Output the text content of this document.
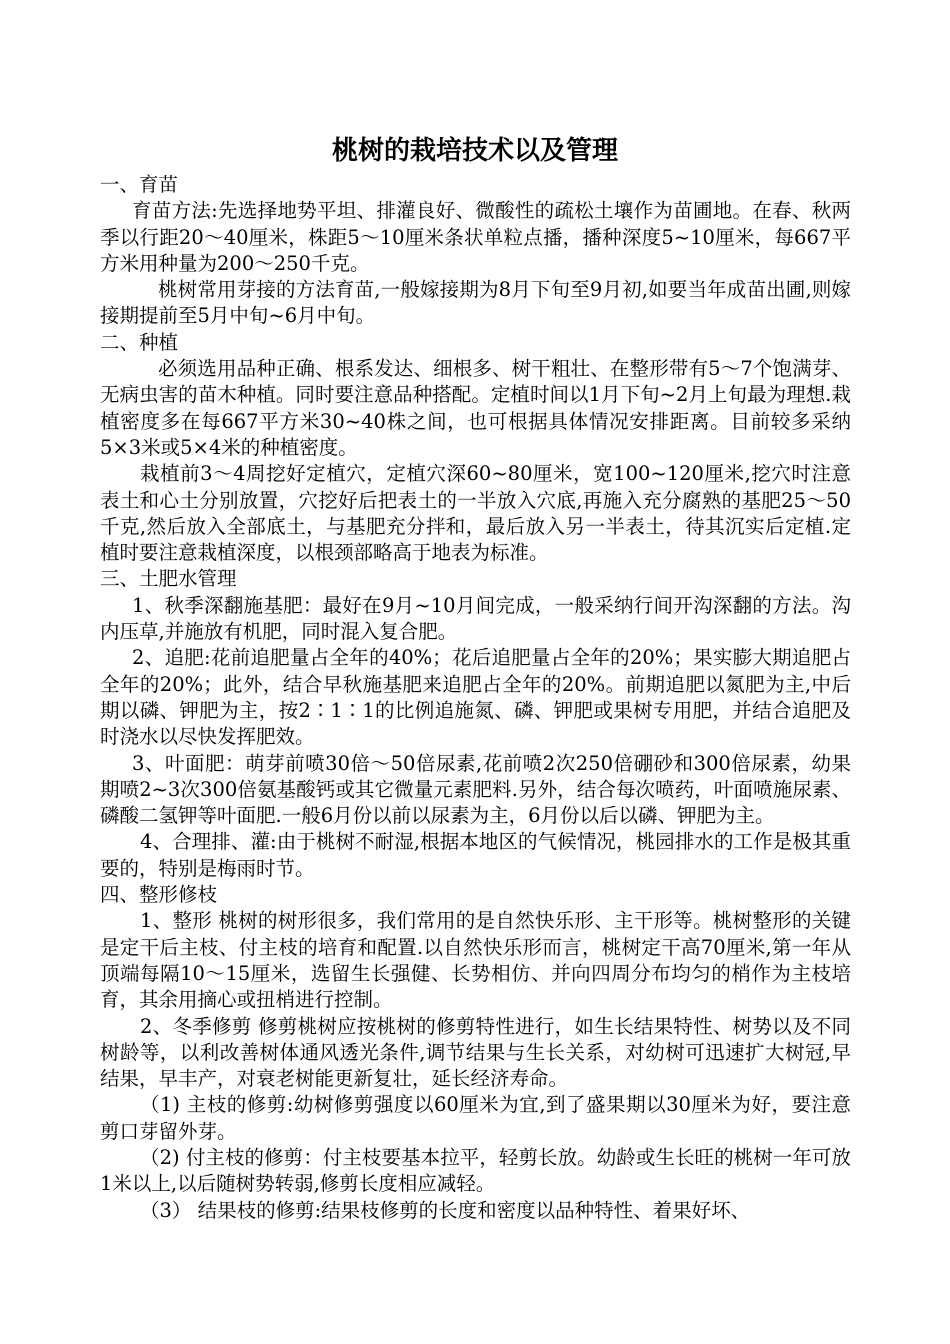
桃树的栽培技术以及管理

一、育苗

育苗方法:先选择地势平坦、排灌良好、微酸性的疏松土壤作为苗圃地。在春、秋两季以行距20～40厘米，株距5～10厘米条状单粒点播，播种深度5~10厘米，每667平方米用种量为200～250千克。

桃树常用芽接的方法育苗,一般嫁接期为8月下旬至9月初,如要当年成苗出圃,则嫁接期提前至5月中旬~6月中旬。

二、种植

必须选用品种正确、根系发达、细根多、树干粗壮、在整形带有5～7个饱满芽、无病虫害的苗木种植。同时要注意品种搭配。定植时间以1月下旬~2月上旬最为理想.栽植密度多在每667平方米30~40株之间，也可根据具体情况安排距离。目前较多采纳5×3米或5×4米的种植密度。

栽植前3～4周挖好定植穴，定植穴深60~80厘米，宽100~120厘米,挖穴时注意表土和心土分别放置，穴挖好后把表土的一半放入穴底,再施入充分腐熟的基肥25～50千克,然后放入全部底土，与基肥充分拌和，最后放入另一半表土，待其沉实后定植.定植时要注意栽植深度，以根颈部略高于地表为标准。

三、土肥水管理

1、秋季深翻施基肥：最好在9月~10月间完成，一般采纳行间开沟深翻的方法。沟内压草,并施放有机肥，同时混入复合肥。

2、追肥:花前追肥量占全年的40%；花后追肥量占全年的20%；果实膨大期追肥占全年的20%；此外，结合早秋施基肥来追肥占全年的20%。前期追肥以氮肥为主,中后期以磷、钾肥为主，按2∶1∶1的比例追施氮、磷、钾肥或果树专用肥，并结合追肥及时浇水以尽快发挥肥效。

3、叶面肥：萌芽前喷30倍～50倍尿素,花前喷2次250倍硼砂和300倍尿素，幼果期喷2~3次300倍氨基酸钙或其它微量元素肥料.另外，结合每次喷药，叶面喷施尿素、磷酸二氢钾等叶面肥.一般6月份以前以尿素为主，6月份以后以磷、钾肥为主。

4、合理排、灌:由于桃树不耐湿,根据本地区的气候情况，桃园排水的工作是极其重要的，特别是梅雨时节。

四、整形修枝

1、整形 桃树的树形很多，我们常用的是自然快乐形、主干形等。桃树整形的关键是定干后主枝、付主枝的培育和配置.以自然快乐形而言，桃树定干高70厘米,第一年从顶端每隔10～15厘米，选留生长强健、长势相仿、并向四周分布均匀的梢作为主枝培育，其余用摘心或扭梢进行控制。

2、冬季修剪 修剪桃树应按桃树的修剪特性进行，如生长结果特性、树势以及不同树龄等，以利改善树体通风透光条件,调节结果与生长关系，对幼树可迅速扩大树冠,早结果，早丰产，对衰老树能更新复壮，延长经济寿命。

（1) 主枝的修剪:幼树修剪强度以60厘米为宜,到了盛果期以30厘米为好，要注意剪口芽留外芽。

（2) 付主枝的修剪：付主枝要基本拉平，轻剪长放。幼龄或生长旺的桃树一年可放1米以上,以后随树势转弱,修剪长度相应减轻。

（3） 结果枝的修剪:结果枝修剪的长度和密度以品种特性、着果好坏、
